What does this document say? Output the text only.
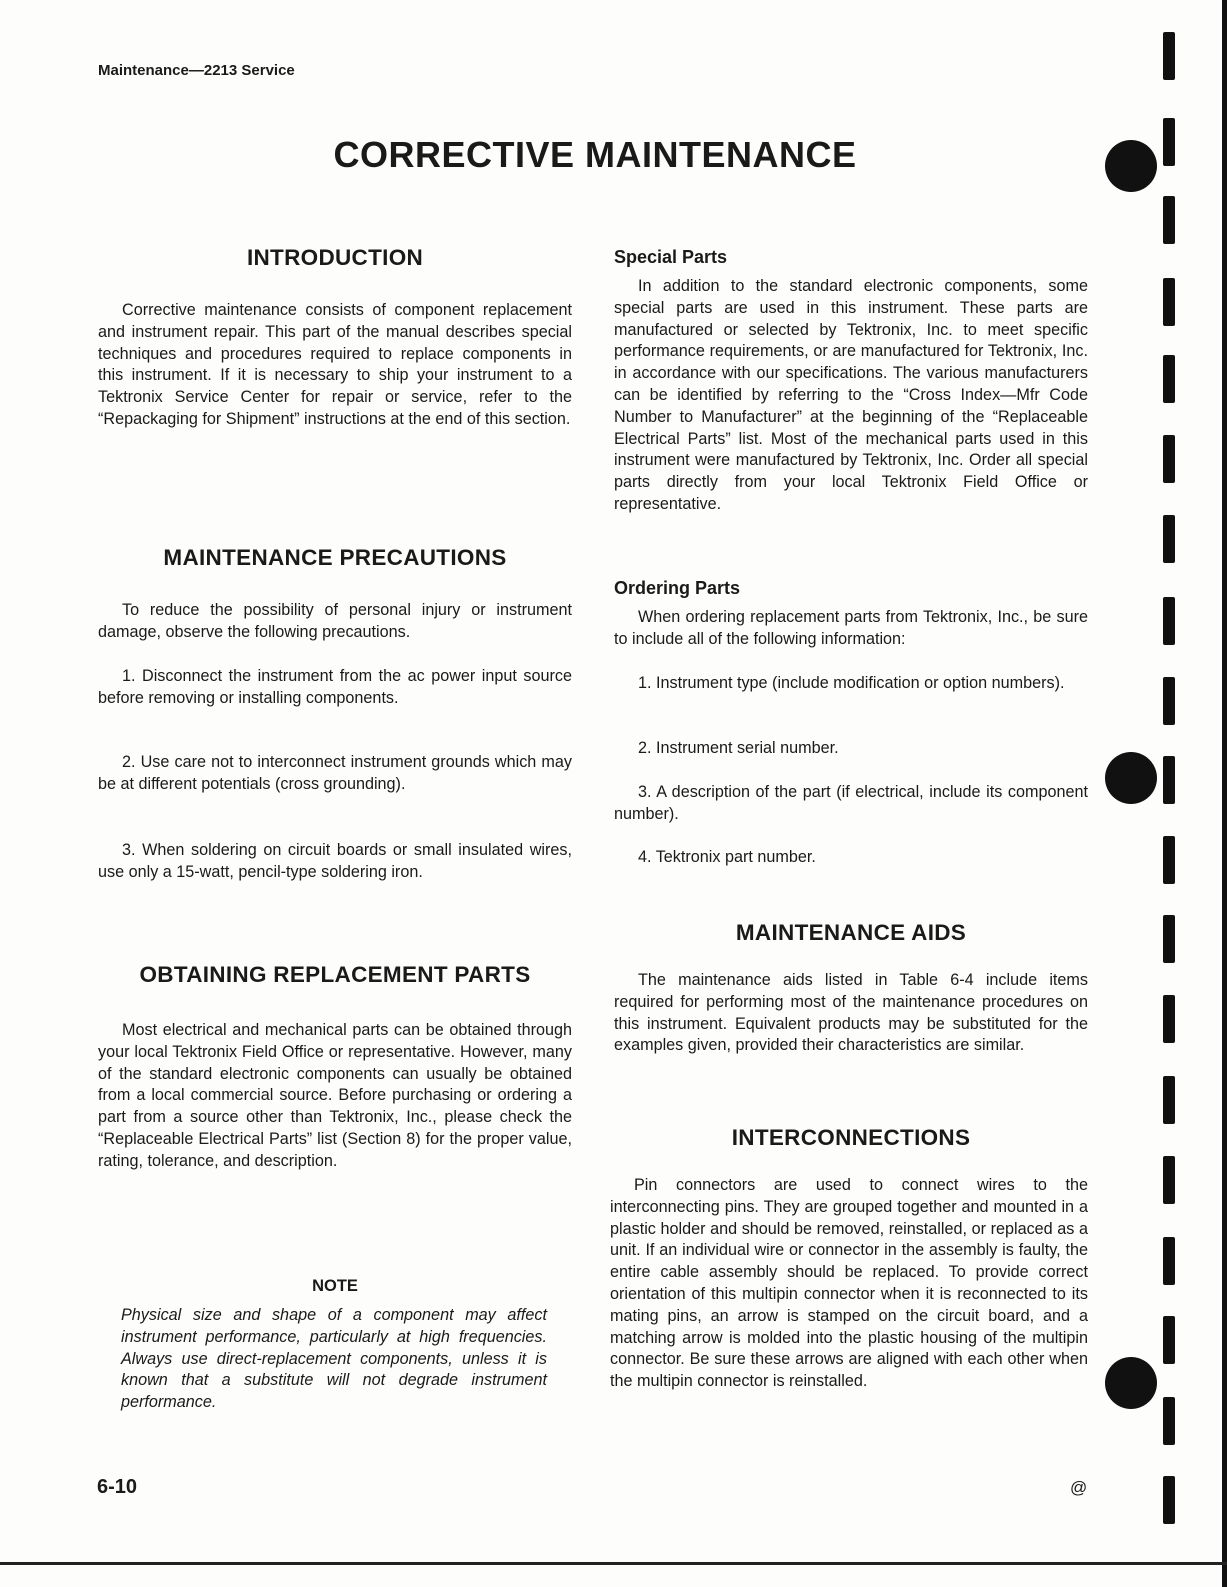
Maintenance—2213 Service
CORRECTIVE MAINTENANCE
INTRODUCTION

Corrective maintenance consists of component replacement and instrument repair. This part of the manual describes special techniques and procedures required to replace components in this instrument. If it is necessary to ship your instrument to a Tektronix Service Center for repair or service, refer to the “Repackaging for Shipment” instructions at the end of this section.

MAINTENANCE PRECAUTIONS

To reduce the possibility of personal injury or instrument damage, observe the following precautions.

1. Disconnect the instrument from the ac power input source before removing or installing components.

2. Use care not to interconnect instrument grounds which may be at different potentials (cross grounding).

3. When soldering on circuit boards or small insulated wires, use only a 15-watt, pencil-type soldering iron.

OBTAINING REPLACEMENT PARTS

Most electrical and mechanical parts can be obtained through your local Tektronix Field Office or representative. However, many of the standard electronic components can usually be obtained from a local commercial source. Before purchasing or ordering a part from a source other than Tektronix, Inc., please check the “Replaceable Electrical Parts” list (Section 8) for the proper value, rating, tolerance, and description.

NOTE
Physical size and shape of a component may affect instrument performance, particularly at high frequencies. Always use direct-replacement components, unless it is known that a substitute will not degrade instrument performance.
Special Parts

In addition to the standard electronic components, some special parts are used in this instrument. These parts are manufactured or selected by Tektronix, Inc. to meet specific performance requirements, or are manufactured for Tektronix, Inc. in accordance with our specifications. The various manufacturers can be identified by referring to the “Cross Index—Mfr Code Number to Manufacturer” at the beginning of the “Replaceable Electrical Parts” list. Most of the mechanical parts used in this instrument were manufactured by Tektronix, Inc. Order all special parts directly from your local Tektronix Field Office or representative.

Ordering Parts

When ordering replacement parts from Tektronix, Inc., be sure to include all of the following information:

1. Instrument type (include modification or option numbers).

2. Instrument serial number.

3. A description of the part (if electrical, include its component number).

4. Tektronix part number.

MAINTENANCE AIDS

The maintenance aids listed in Table 6-4 include items required for performing most of the maintenance procedures on this instrument. Equivalent products may be substituted for the examples given, provided their characteristics are similar.

INTERCONNECTIONS

Pin connectors are used to connect wires to the interconnecting pins. They are grouped together and mounted in a plastic holder and should be removed, reinstalled, or replaced as a unit. If an individual wire or connector in the assembly is faulty, the entire cable assembly should be replaced. To provide correct orientation of this multipin connector when it is reconnected to its mating pins, an arrow is stamped on the circuit board, and a matching arrow is molded into the plastic housing of the multipin connector. Be sure these arrows are aligned with each other when the multipin connector is reinstalled.

6-10	@
